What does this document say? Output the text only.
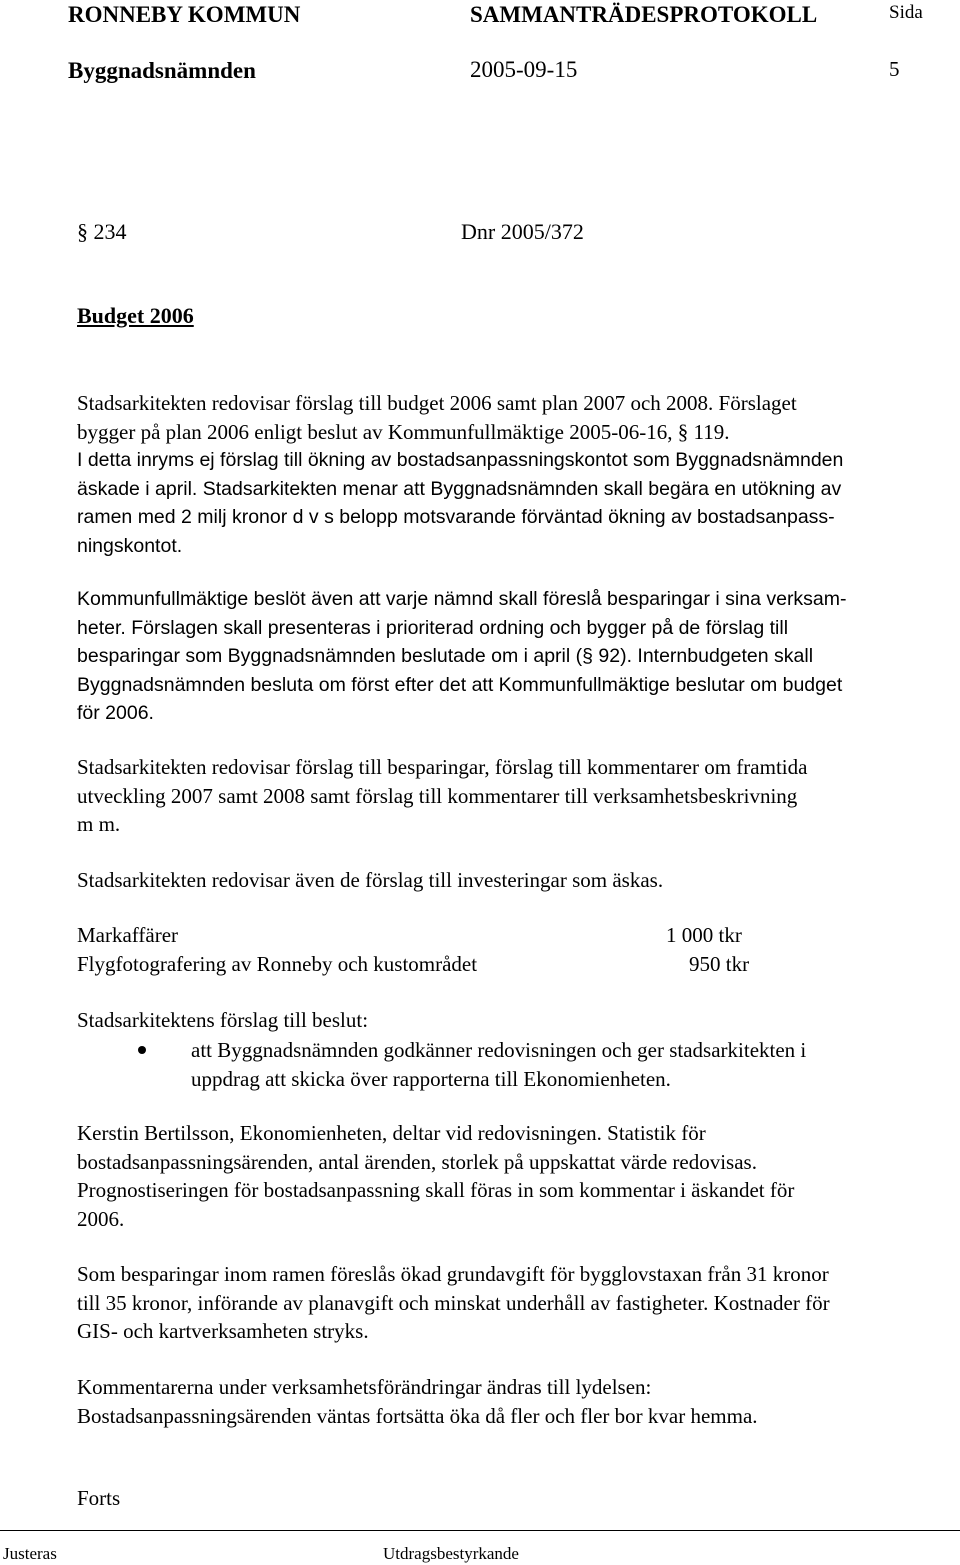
RONNEBY KOMMUN	SAMMANTRÄDESPROTOKOLL	Sida
Byggnadsnämnden	2005-09-15	5
§ 234	Dnr 2005/372
Budget 2006
Stadsarkitekten redovisar förslag till budget 2006 samt plan 2007 och 2008. Förslaget
bygger på plan 2006 enligt beslut av Kommunfullmäktige 2005-06-16, § 119.
I detta inryms ej förslag till ökning av bostadsanpassningskontot som Byggnadsnämnden
äskade i april. Stadsarkitekten menar att Byggnadsnämnden skall begära en utökning av
ramen med 2 milj kronor d v s belopp motsvarande förväntad ökning av bostadsanpass-
ningskontot.
Kommunfullmäktige beslöt även att varje nämnd skall föreslå besparingar i sina verksam-
heter. Förslagen skall presenteras i prioriterad ordning och bygger på de förslag till
besparingar som Byggnadsnämnden beslutade om i april (§ 92). Internbudgeten skall
Byggnadsnämnden besluta om först efter det att Kommunfullmäktige beslutar om budget
för 2006.
Stadsarkitekten redovisar förslag till besparingar, förslag till kommentarer om framtida
utveckling 2007 samt 2008 samt förslag till kommentarer till verksamhetsbeskrivning
m m.
Stadsarkitekten redovisar även de förslag till investeringar som äskas.
Markaffärer	1 000 tkr
Flygfotografering av Ronneby och kustområdet	950 tkr
Stadsarkitektens förslag till beslut:
att Byggnadsnämnden godkänner redovisningen och ger stadsarkitekten i
uppdrag att skicka över rapporterna till Ekonomienheten.
Kerstin Bertilsson, Ekonomienheten, deltar vid redovisningen. Statistik för
bostadsanpassningsärenden, antal ärenden, storlek på uppskattat värde redovisas.
Prognostiseringen för bostadsanpassning skall föras in som kommentar i äskandet för
2006.
Som besparingar inom ramen föreslås ökad grundavgift för bygglovstaxan från 31 kronor
till 35 kronor, införande av planavgift och minskat underhåll av fastigheter. Kostnader för
GIS- och kartverksamheten stryks.
Kommentarerna under verksamhetsförändringar ändras till lydelsen:
Bostadsanpassningsärenden väntas fortsätta öka då fler och fler bor kvar hemma.
Forts
Justeras	Utdragsbestyrkande
